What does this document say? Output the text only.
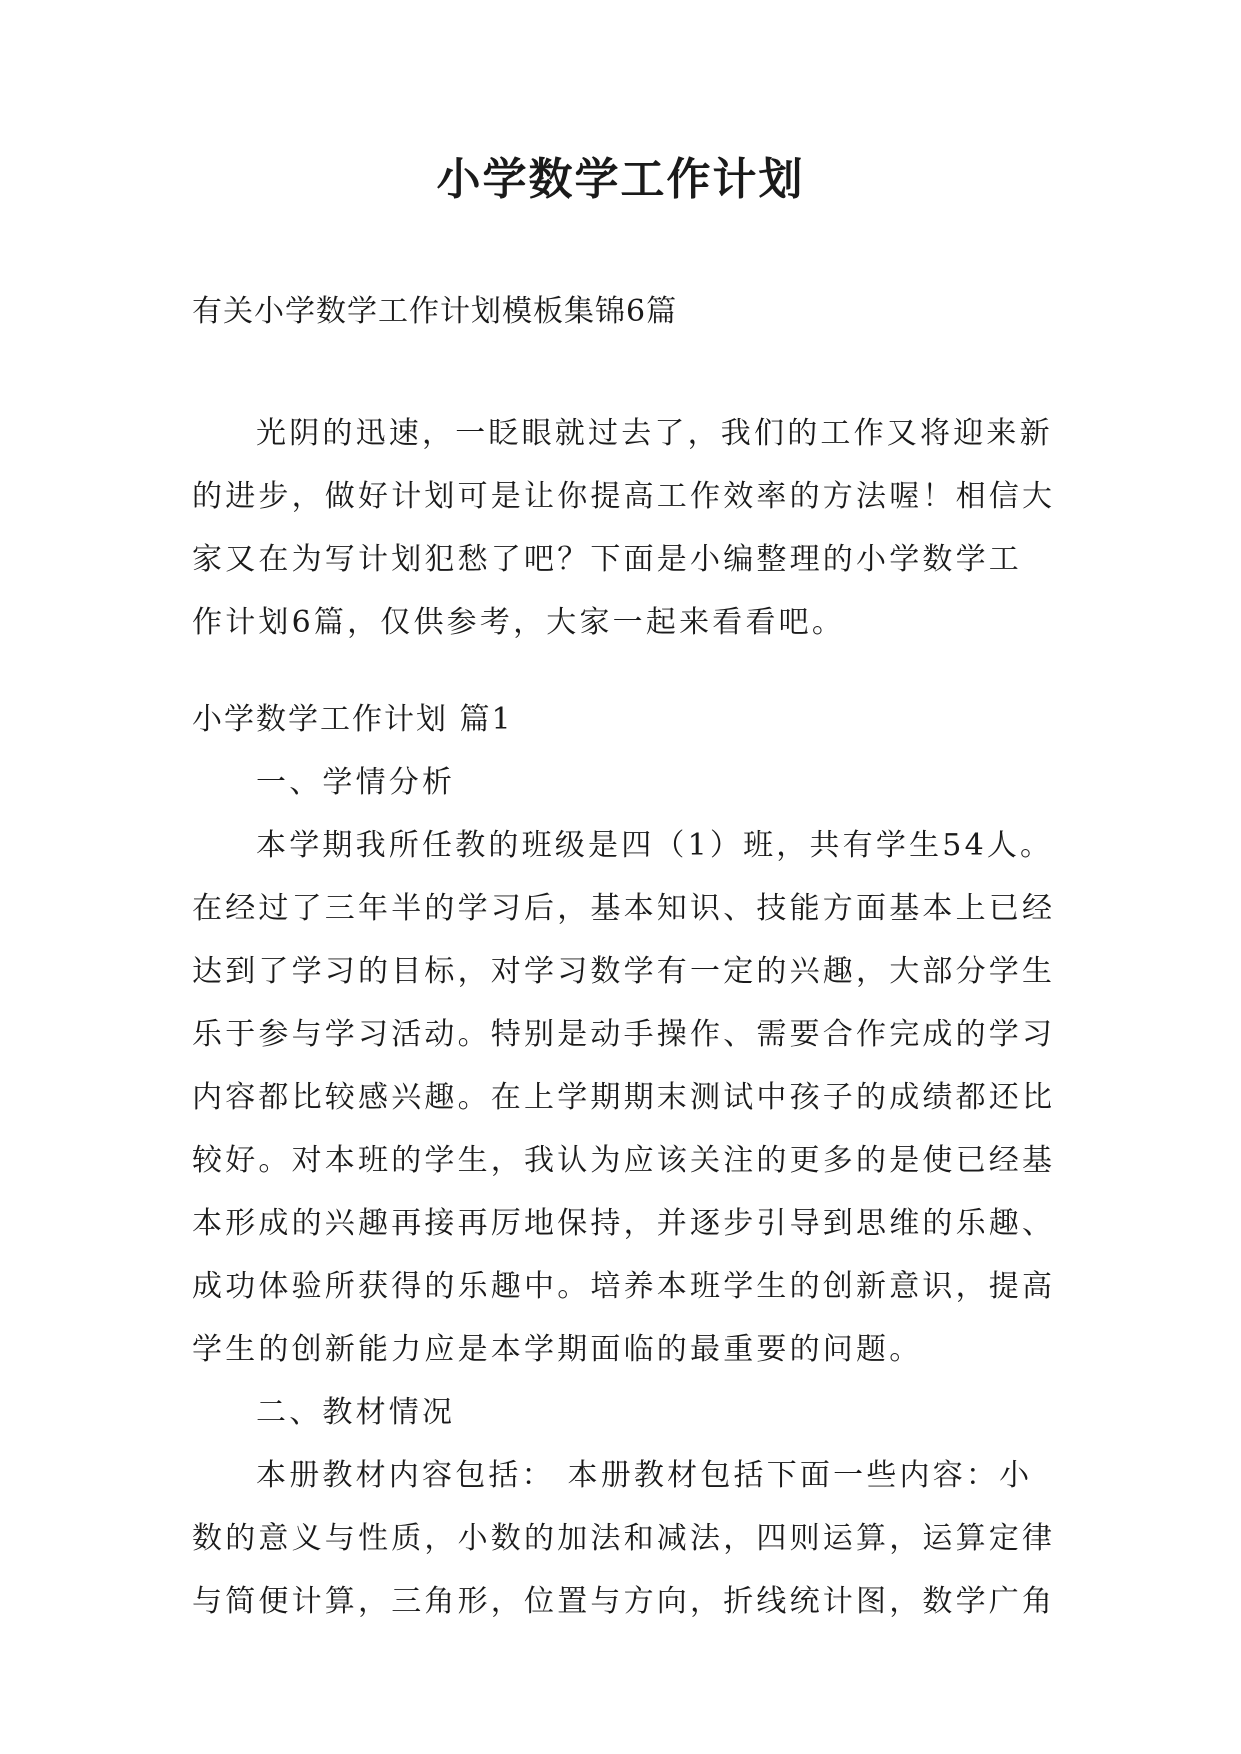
小学数学工作计划

有关小学数学工作计划模板集锦6篇

光阴的迅速，一眨眼就过去了，我们的工作又将迎来新
的进步，做好计划可是让你提高工作效率的方法喔！相信大
家又在为写计划犯愁了吧？下面是小编整理的小学数学工
作计划6篇，仅供参考，大家一起来看看吧。
小学数学工作计划 篇1
一、学情分析
本学期我所任教的班级是四（1）班，共有学生54人。
在经过了三年半的学习后，基本知识、技能方面基本上已经
达到了学习的目标，对学习数学有一定的兴趣，大部分学生
乐于参与学习活动。特别是动手操作、需要合作完成的学习
内容都比较感兴趣。在上学期期末测试中孩子的成绩都还比
较好。对本班的学生，我认为应该关注的更多的是使已经基
本形成的兴趣再接再厉地保持，并逐步引导到思维的乐趣、
成功体验所获得的乐趣中。培养本班学生的创新意识，提高
学生的创新能力应是本学期面临的最重要的问题。
二、教材情况
本册教材内容包括： 本册教材包括下面一些内容：小
数的意义与性质，小数的加法和减法，四则运算，运算定律
与简便计算，三角形，位置与方向，折线统计图，数学广角
